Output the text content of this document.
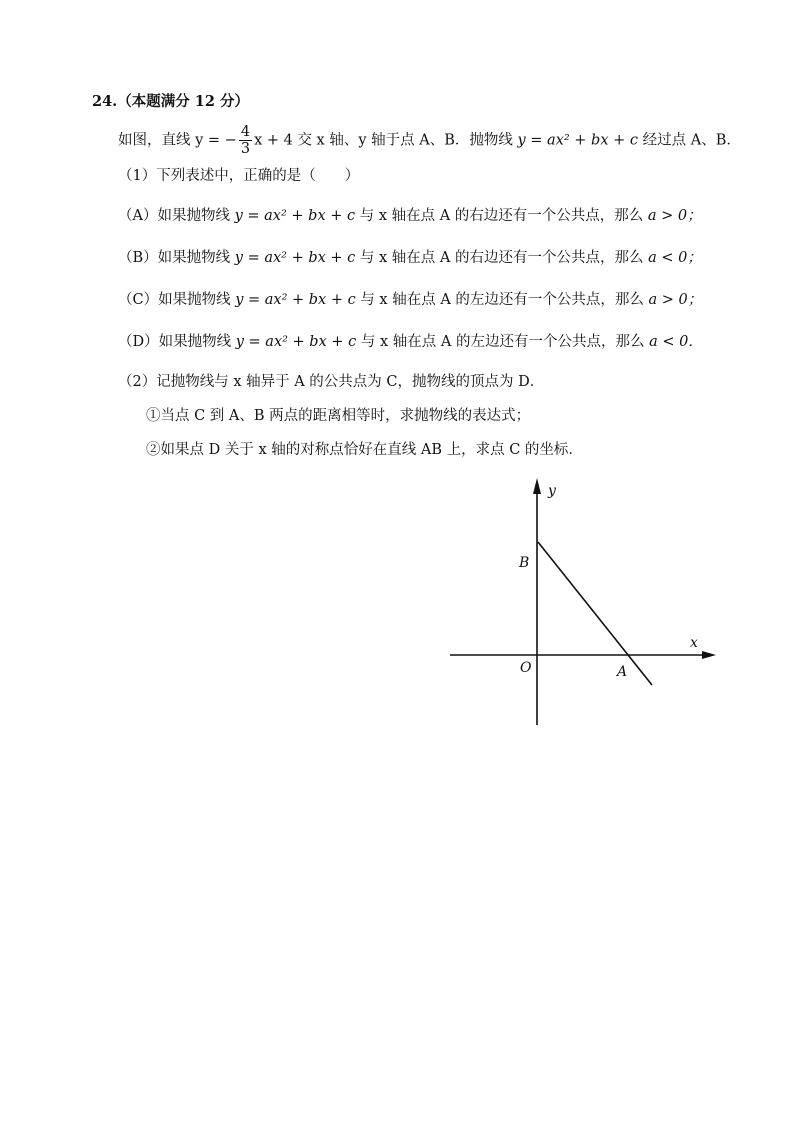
24.（本题满分 12 分）
如图，直线 y = − $\frac{4}{3}$ x + 4 交 x 轴、y 轴于点 A、B．抛物线 y = ax² + bx + c 经过点 A、B．
（1）下列表述中，正确的是（　　）
（A）如果抛物线 y = ax² + bx + c 与 x 轴在点 A 的右边还有一个公共点，那么 a > 0；
（B）如果抛物线 y = ax² + bx + c 与 x 轴在点 A 的右边还有一个公共点，那么 a < 0；
（C）如果抛物线 y = ax² + bx + c 与 x 轴在点 A 的左边还有一个公共点，那么 a > 0；
（D）如果抛物线 y = ax² + bx + c 与 x 轴在点 A 的左边还有一个公共点，那么 a < 0．
（2）记抛物线与 x 轴异于 A 的公共点为 C，抛物线的顶点为 D．
①当点 C 到 A、B 两点的距离相等时，求抛物线的表达式；
②如果点 D 关于 x 轴的对称点恰好在直线 AB 上，求点 C 的坐标．
y
x
O
B
A
